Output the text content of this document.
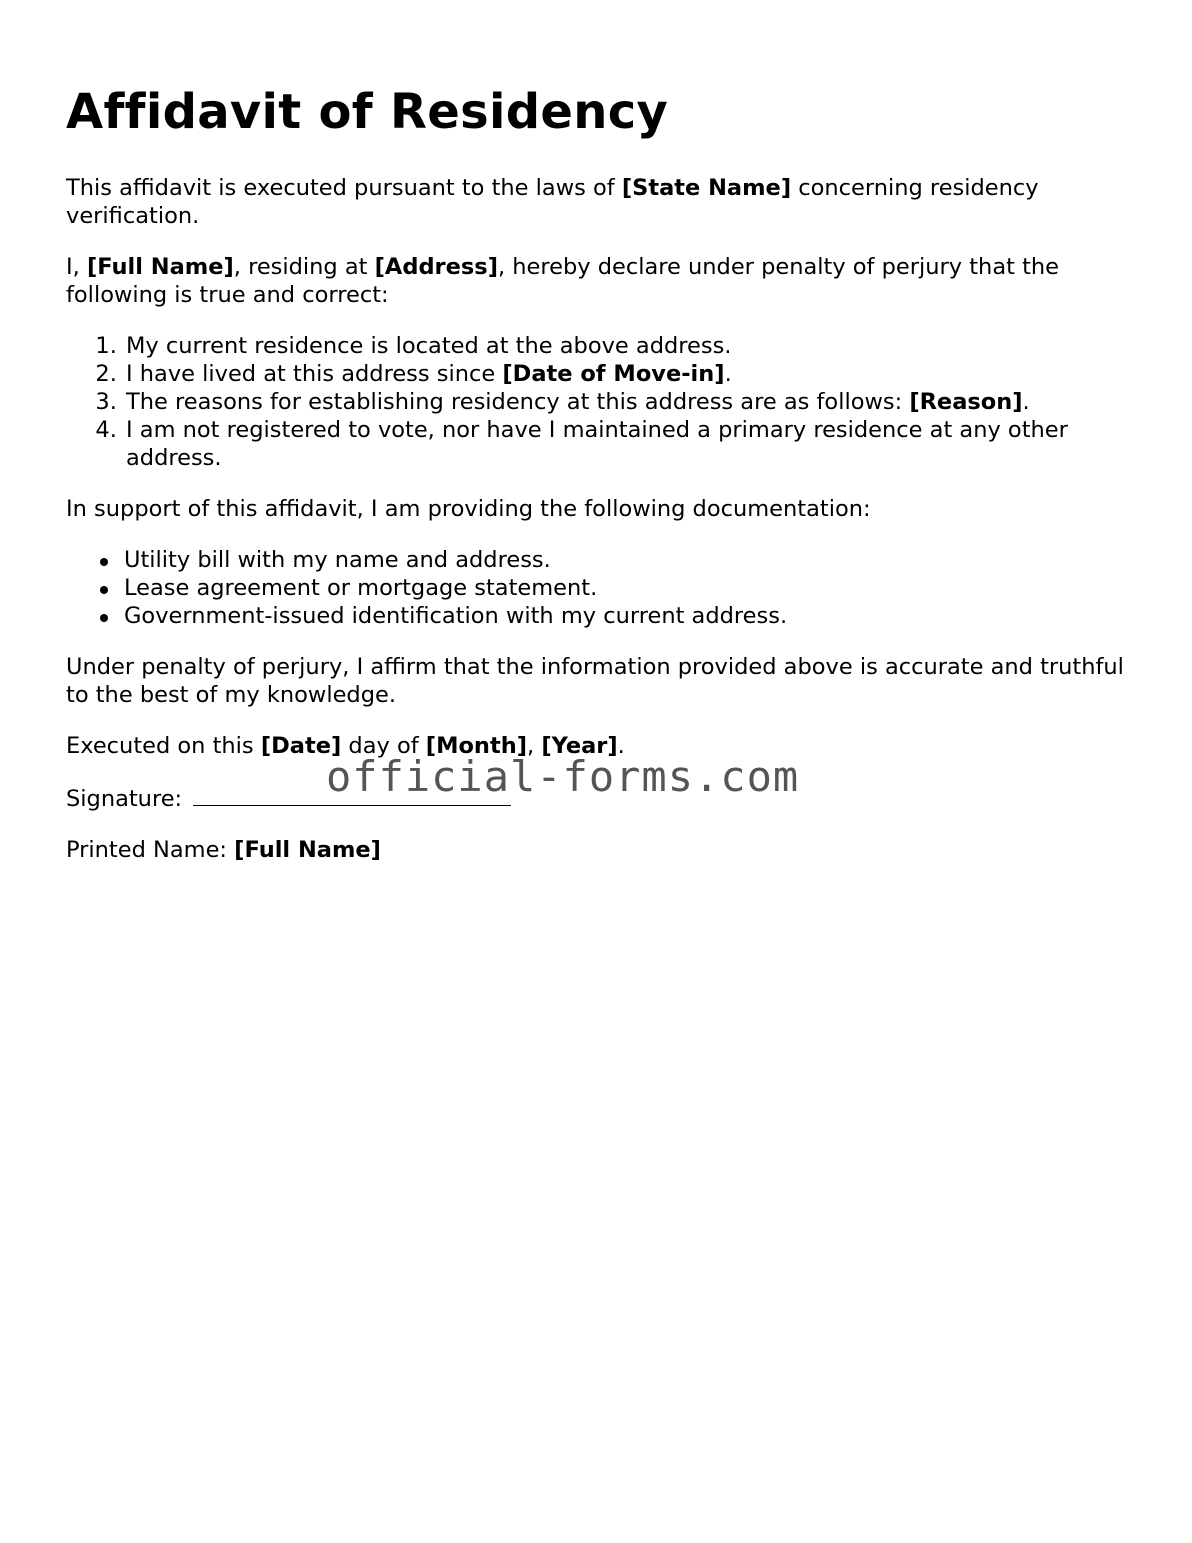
Affidavit of Residency

This affidavit is executed pursuant to the laws of [State Name] concerning residency verification.

I, [Full Name], residing at [Address], hereby declare under penalty of perjury that the following is true and correct:

1. My current residence is located at the above address.
2. I have lived at this address since [Date of Move-in].
3. The reasons for establishing residency at this address are as follows: [Reason].
4. I am not registered to vote, nor have I maintained a primary residence at any other address.

In support of this affidavit, I am providing the following documentation:

Utility bill with my name and address.
Lease agreement or mortgage statement.
Government-issued identification with my current address.

Under penalty of perjury, I affirm that the information provided above is accurate and truthful to the best of my knowledge.

Executed on this [Date] day of [Month], [Year].

Signature:

Printed Name: [Full Name]

official-forms.com
